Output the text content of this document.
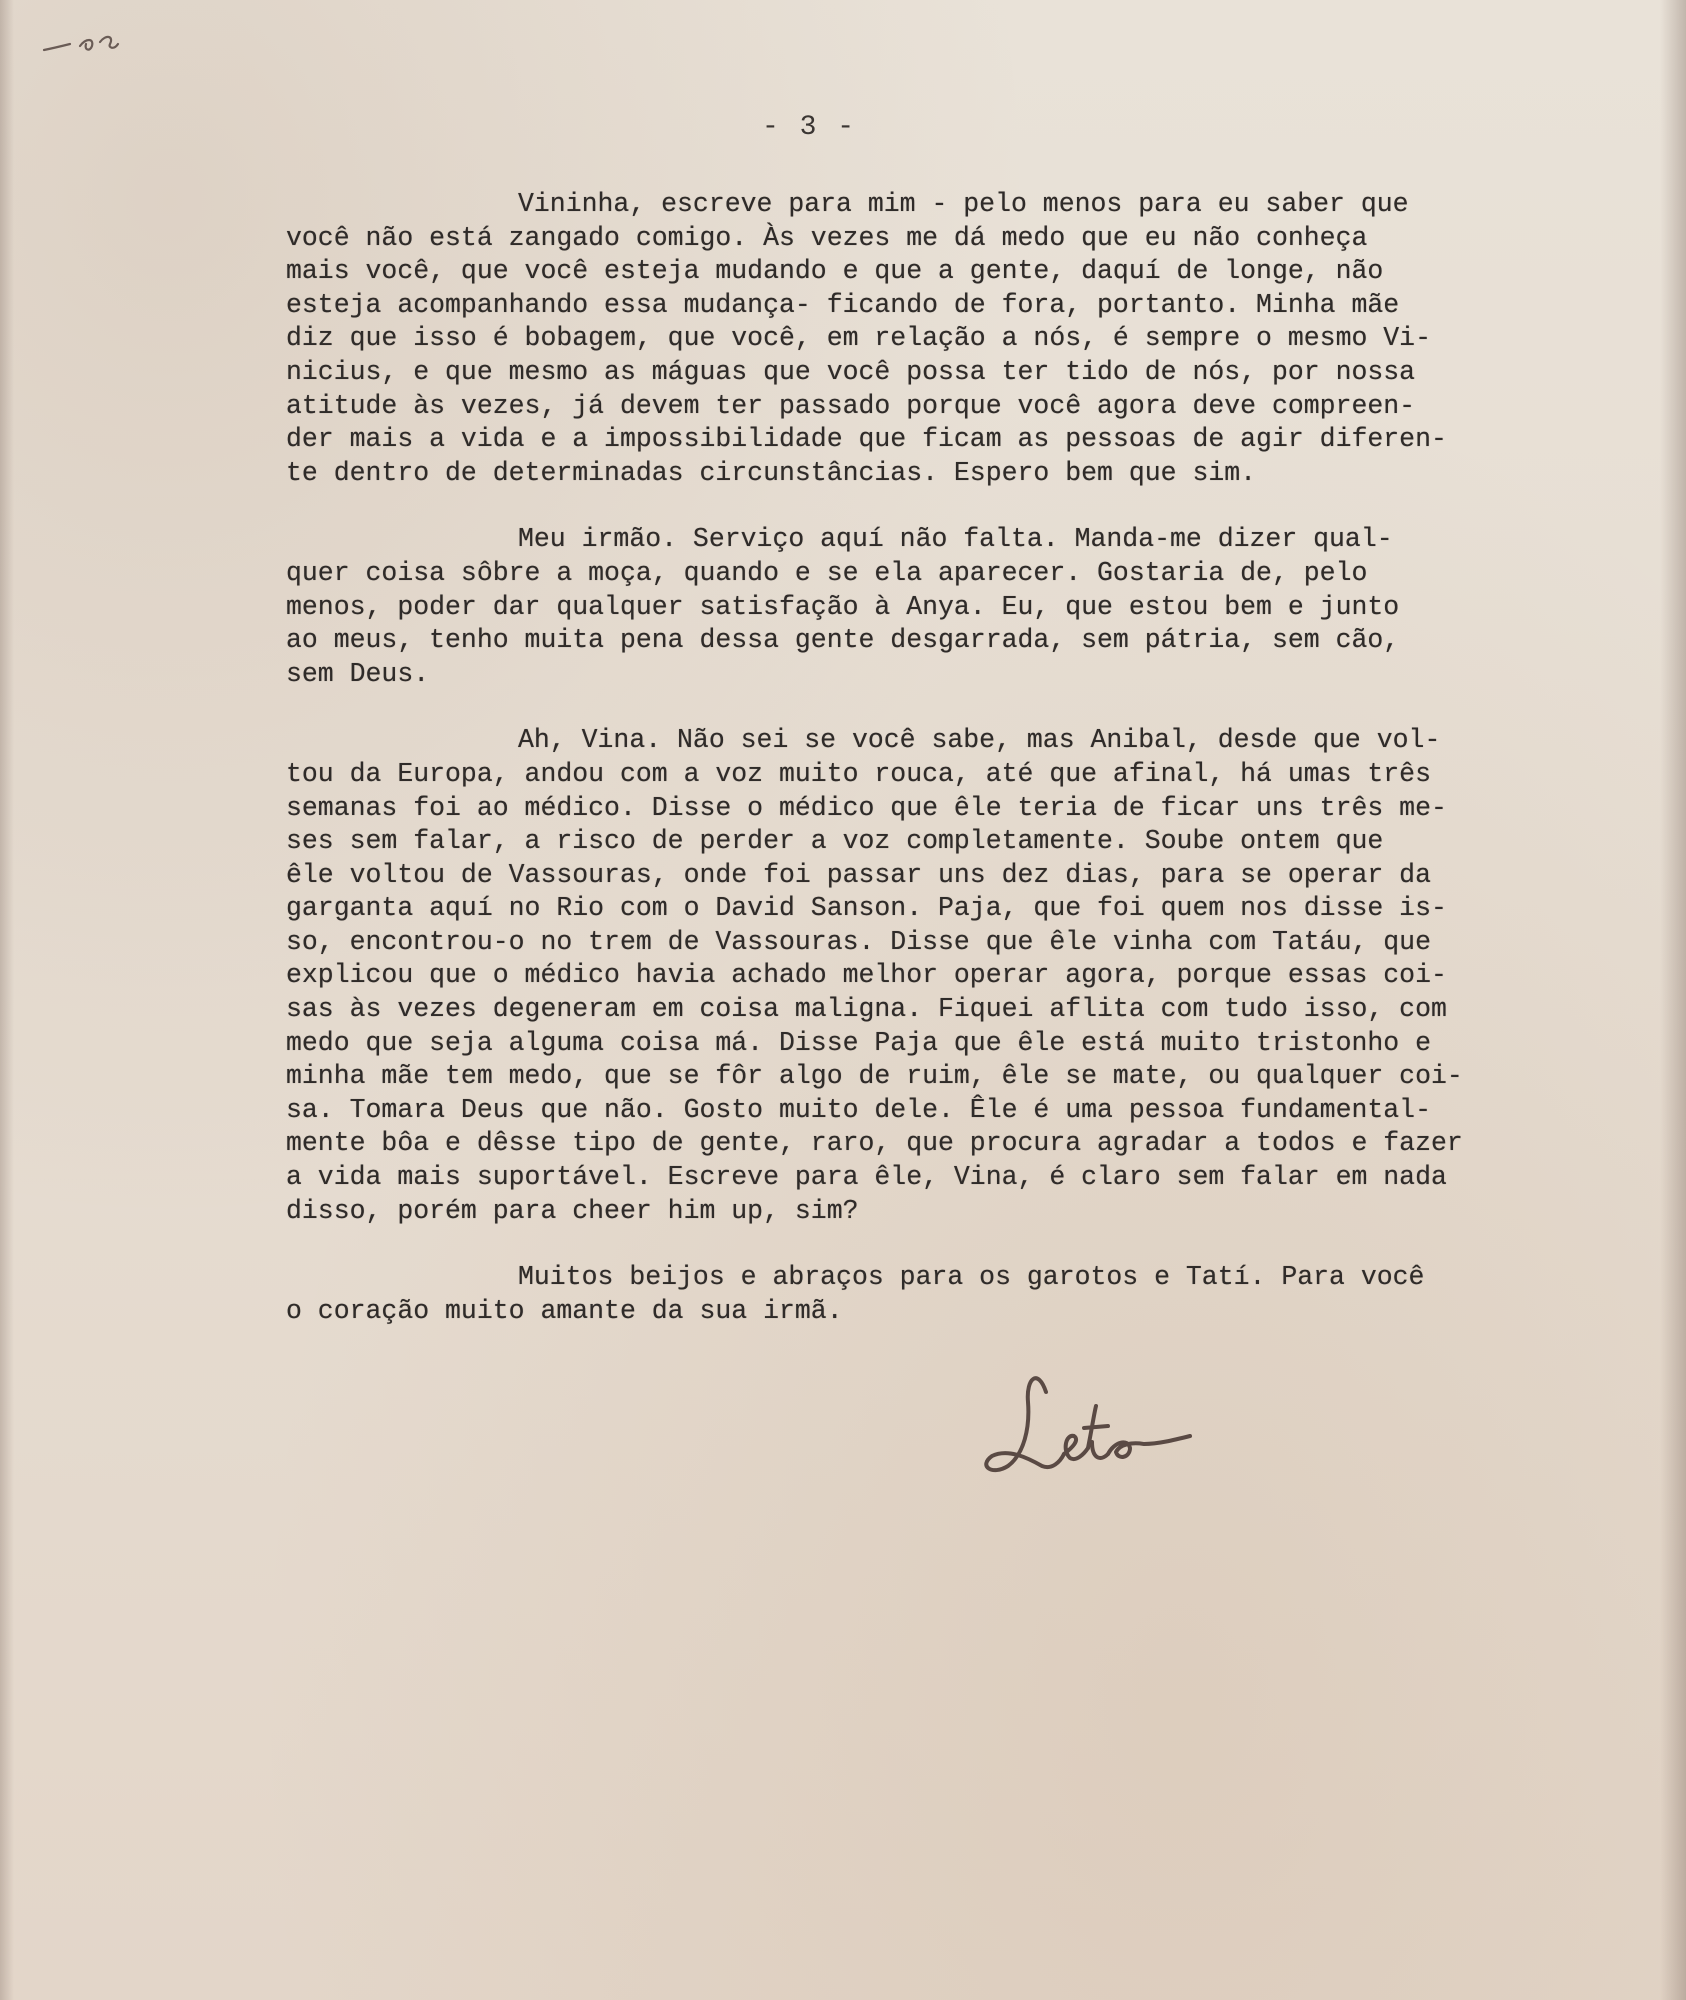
- 3 -
Vininha, escreve para mim - pelo menos para eu saber que
você não está zangado comigo. Às vezes me dá medo que eu não conheça
mais você, que você esteja mudando e que a gente, daquí de longe, não
esteja acompanhando essa mudança- ficando de fora, portanto. Minha mãe
diz que isso é bobagem, que você, em relação a nós, é sempre o mesmo Vi-
nicius, e que mesmo as máguas que você possa ter tido de nós, por nossa
atitude às vezes, já devem ter passado porque você agora deve compreen-
der mais a vida e a impossibilidade que ficam as pessoas de agir diferen-
te dentro de determinadas circunstâncias. Espero bem que sim.
Meu irmão. Serviço aquí não falta. Manda-me dizer qual-
quer coisa sôbre a moça, quando e se ela aparecer. Gostaria de, pelo
menos, poder dar qualquer satisfação à Anya. Eu, que estou bem e junto
ao meus, tenho muita pena dessa gente desgarrada, sem pátria, sem cão,
sem Deus.
Ah, Vina. Não sei se você sabe, mas Anibal, desde que vol-
tou da Europa, andou com a voz muito rouca, até que afinal, há umas três
semanas foi ao médico. Disse o médico que êle teria de ficar uns três me-
ses sem falar, a risco de perder a voz completamente. Soube ontem que
êle voltou de Vassouras, onde foi passar uns dez dias, para se operar da
garganta aquí no Rio com o David Sanson. Paja, que foi quem nos disse is-
so, encontrou-o no trem de Vassouras. Disse que êle vinha com Tatáu, que
explicou que o médico havia achado melhor operar agora, porque essas coi-
sas às vezes degeneram em coisa maligna. Fiquei aflita com tudo isso, com
medo que seja alguma coisa má. Disse Paja que êle está muito tristonho e
minha mãe tem medo, que se fôr algo de ruim, êle se mate, ou qualquer coi-
sa. Tomara Deus que não. Gosto muito dele. Êle é uma pessoa fundamental-
mente bôa e dêsse tipo de gente, raro, que procura agradar a todos e fazer
a vida mais suportável. Escreve para êle, Vina, é claro sem falar em nada
disso, porém para cheer him up, sim?
Muitos beijos e abraços para os garotos e Tatí. Para você
o coração muito amante da sua irmã.
